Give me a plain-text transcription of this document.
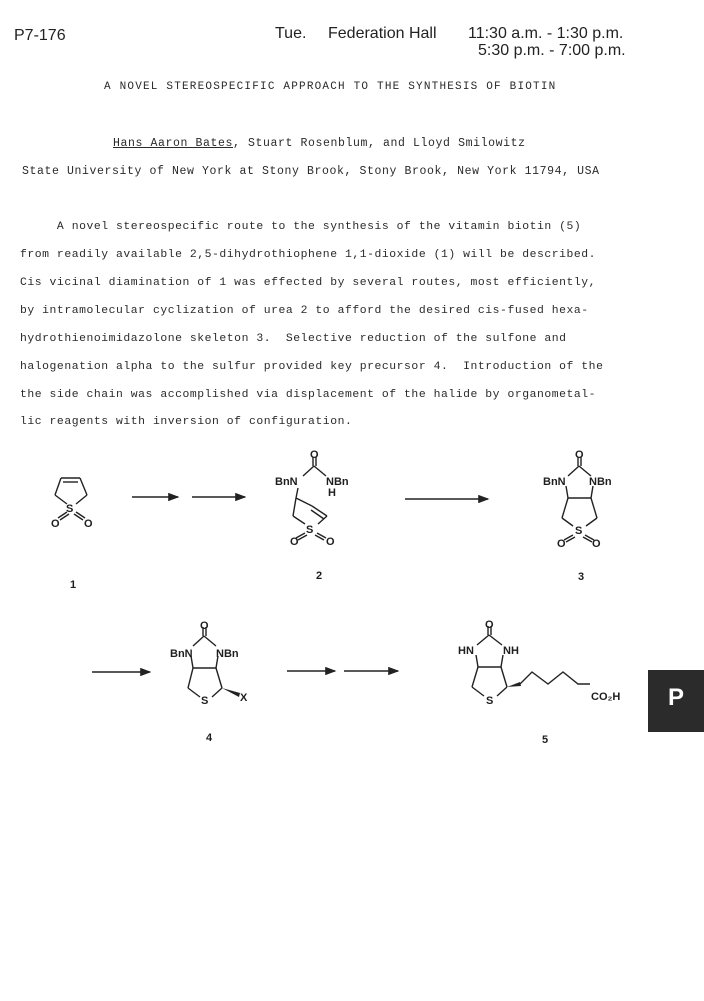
P7-176	Tue. Federation Hall 11:30 a.m. - 1:30 p.m.
5:30 p.m. - 7:00 p.m.
A NOVEL STEREOSPECIFIC APPROACH TO THE SYNTHESIS OF BIOTIN
Hans Aaron Bates, Stuart Rosenblum, and Lloyd Smilowitz
State University of New York at Stony Brook, Stony Brook, New York 11794, USA
A novel stereospecific route to the synthesis of the vitamin biotin (5)
from readily available 2,5-dihydrothiophene 1,1-dioxide (1) will be described.
Cis vicinal diamination of 1 was effected by several routes, most efficiently,
by intramolecular cyclization of urea 2 to afford the desired cis-fused hexa-
hydrothienoimidazolone skeleton 3.  Selective reduction of the sulfone and
halogenation alpha to the sulfur provided key precursor 4.  Introduction of the
the side chain was accomplished via displacement of the halide by organometal-
lic reagents with inversion of configuration.
S
O O
O
BnN	NBn
H
S
O O
O
BnN NBn
S
O O
O
BnN NBn
S	X
O
HN	NH
S	CO₂H
1
2	3
4	5
P
